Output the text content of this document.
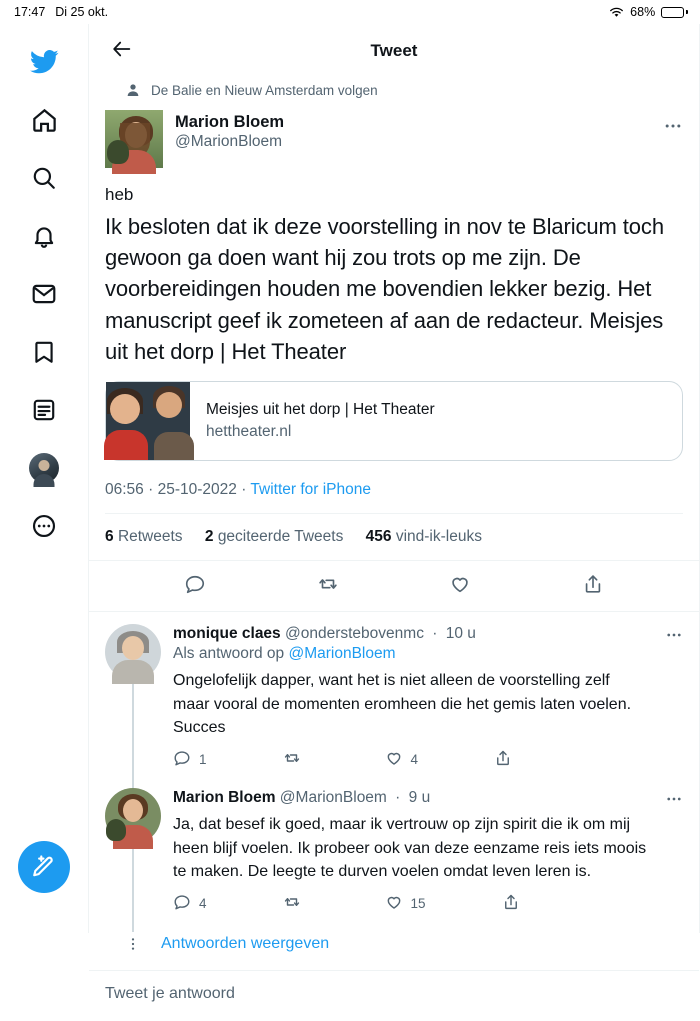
17:47 Di 25 okt.	68%
Tweet
De Balie en Nieuw Amsterdam volgen
Marion Bloem
@MarionBloem
heb
Ik besloten dat ik deze voorstelling in nov te Blaricum toch gewoon ga doen want hij zou trots op me zijn. De voorbereidingen houden me bovendien lekker bezig. Het manuscript geef ik zometeen af aan de redacteur. Meisjes uit het dorp | Het Theater
Meisjes uit het dorp | Het Theater
hettheater.nl
06:56 · 25-10-2022 · Twitter for iPhone
6 Retweets 2 geciteerde Tweets 456 vind-ik-leuks
monique claes @onderstebovenmc · 10 u
Als antwoord op @MarionBloem
Ongelofelijk dapper, want het is niet alleen de voorstelling zelf maar vooral de momenten eromheen die het gemis laten voelen. Succes
1	4
Marion Bloem @MarionBloem · 9 u
Ja, dat besef ik goed, maar ik vertrouw op zijn spirit die ik om mij heen blijf voelen. Ik probeer ook van deze eenzame reis iets moois te maken. De leegte te durven voelen omdat leven leren is.
4	15
Antwoorden weergeven
Tweet je antwoord
